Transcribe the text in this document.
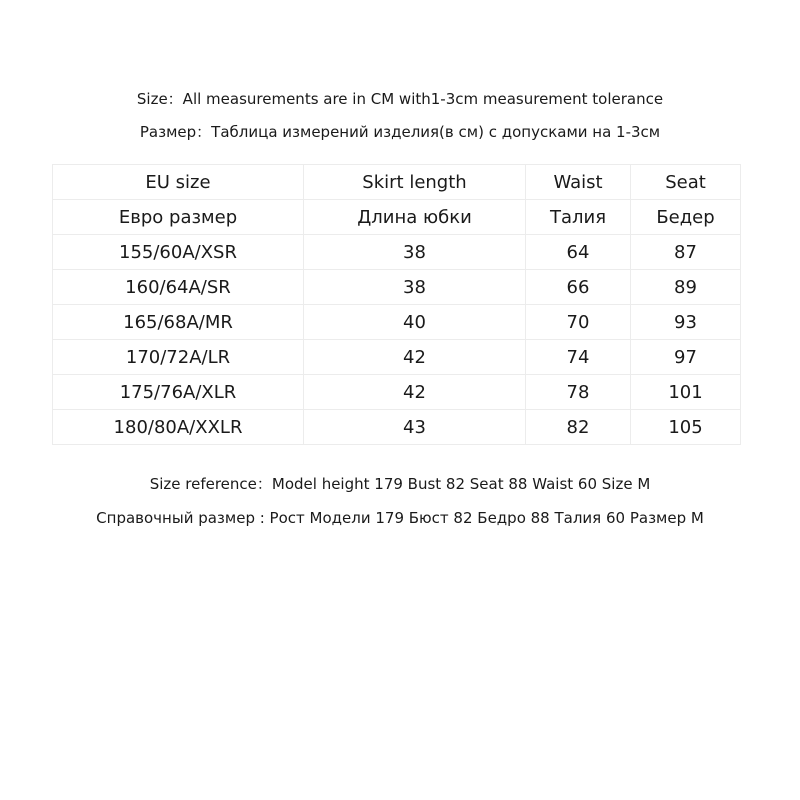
Size：All measurements are in CM with1-3cm measurement tolerance
Размер：Таблица измерений изделия(в см) с допусками на 1-3см
EU size	Skirt length	Waist	Seat
Евро размер	Длина юбки	Талия	Бедер
155/60A/XSR	38	64	87
160/64A/SR	38	66	89
165/68A/MR	40	70	93
170/72A/LR	42	74	97
175/76A/XLR	42	78	101
180/80A/XXLR	43	82	105
Size reference：Model height 179 Bust 82 Seat 88 Waist 60 Size M
Справочный размер : Рост Модели 179 Бюст 82 Бедро 88 Талия 60 Размер M
